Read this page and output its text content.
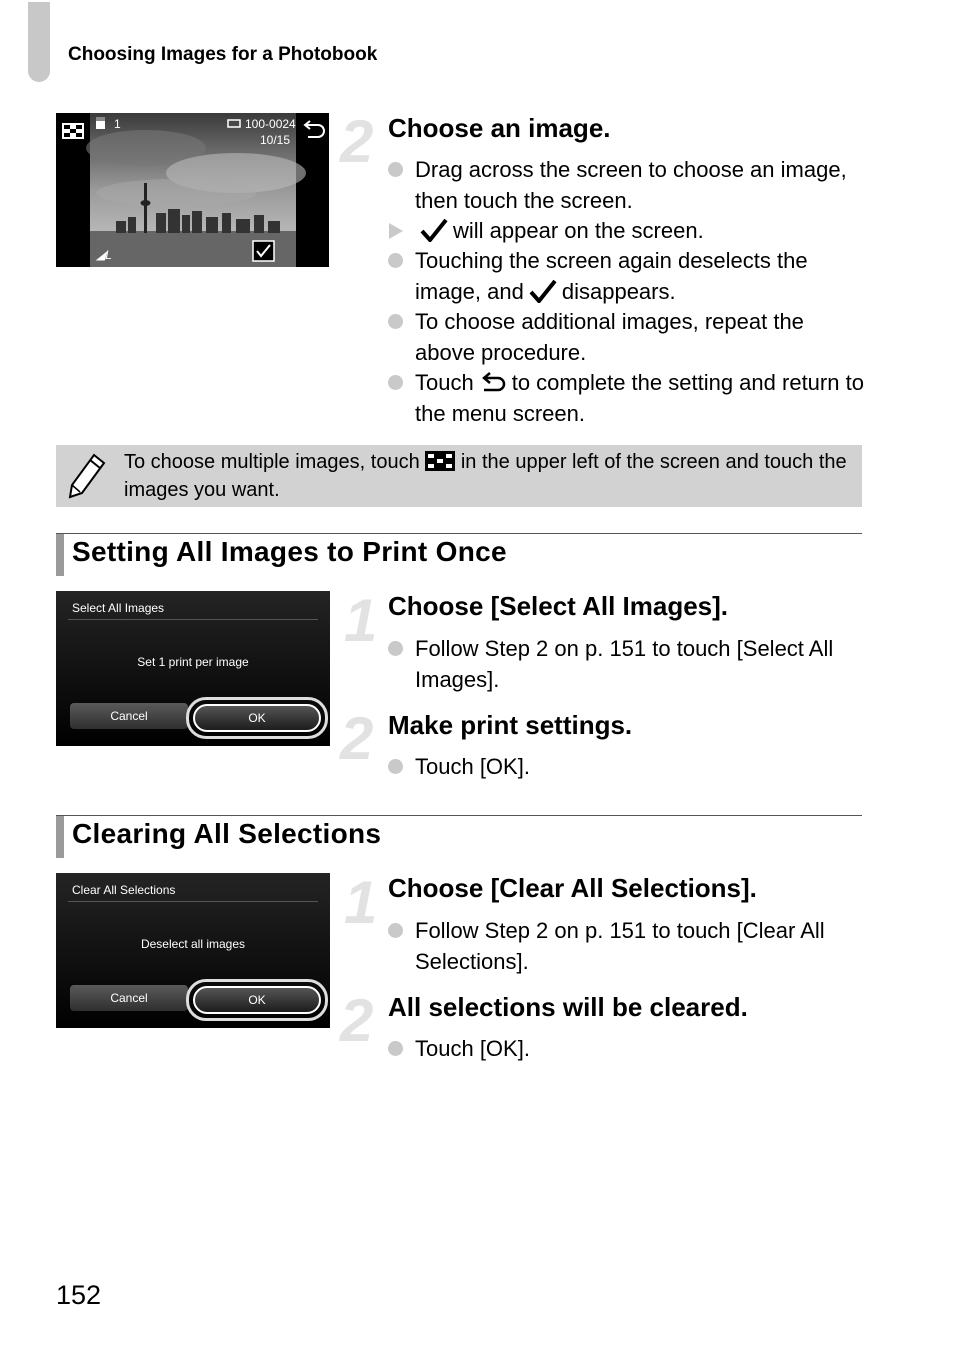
Choosing Images for a Photobook
◢L
1	100-0024
10/15 2 Choose an image.
Drag across the screen to choose an image, then touch the screen.
will appear on the screen.
Touching the screen again deselects the image, and disappears.
To choose additional images, repeat the above procedure.
Touch to complete the setting and return to the menu screen.
To choose multiple images, touch in the upper left of the screen and touch the images you want.
Setting All Images to Print Once
Select All Images
Set 1 print per image
Cancel	OK
1 Choose [Select All Images].
Follow Step 2 on p. 151 to touch [Select All Images].
2 Make print settings.
Touch [OK].
Clearing All Selections
Clear All Selections
Deselect all images
Cancel	OK
1 Choose [Clear All Selections].
Follow Step 2 on p. 151 to touch [Clear All Selections].
2 All selections will be cleared.
Touch [OK].
152
